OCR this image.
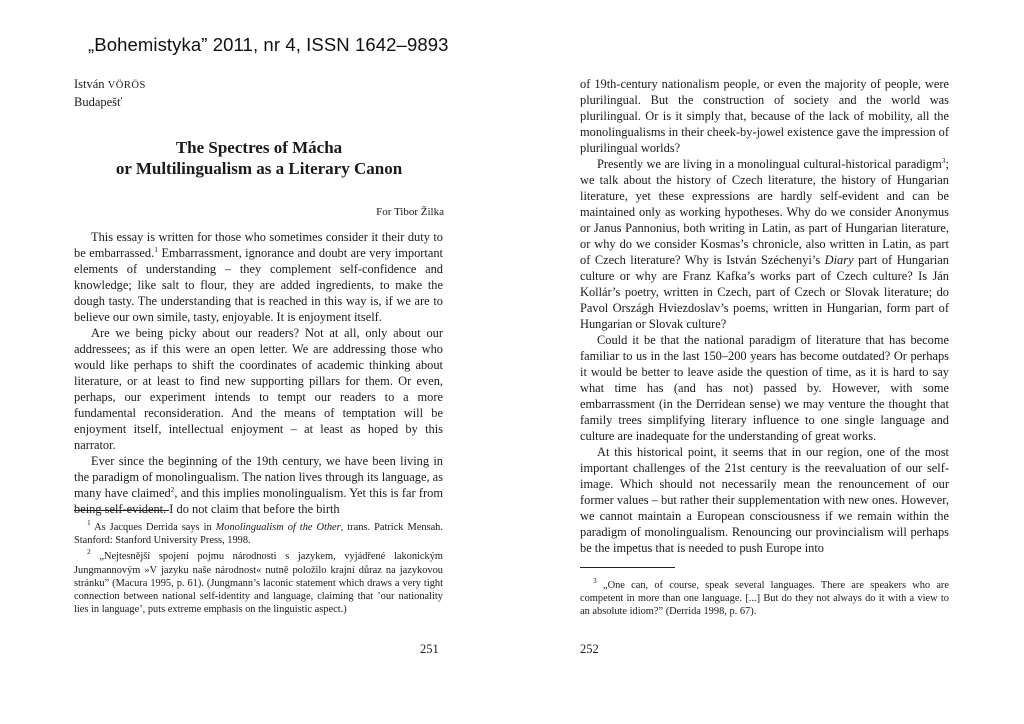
„Bohemistyka” 2011, nr 4, ISSN 1642–9893
István VÖRÖS
Budapešť
The Spectres of Mácha
or Multilingualism as a Literary Canon
For Tibor Žilka

This essay is written for those who sometimes consider it their duty to be embarrassed.$^1$ Embarrassment, ignorance and doubt are very important elements of understanding – they complement self-confidence and knowledge; like salt to flour, they are added ingredients, to make the dough tasty. The understanding that is reached in this way is, if we are to believe our own simile, tasty, enjoyable. It is enjoyment itself.

Are we being picky about our readers? Not at all, only about our addressees; as if this were an open letter. We are addressing those who would like perhaps to shift the coordinates of academic thinking about literature, or at least to find new supporting pillars for them. Or even, perhaps, our experiment intends to tempt our readers to a more fundamental reconsideration. And the means of temptation will be enjoyment itself, intellectual enjoyment – at least as hoped by this narrator.

Ever since the beginning of the 19th century, we have been living in the paradigm of monolingualism. The nation lives through its language, as many have claimed$^2$, and this implies monolingualism. Yet this is far from being self-evident. I do not claim that before the birth

$^1$ As Jacques Derrida says in Monolingualism of the Other, trans. Patrick Mensah. Stanford: Stanford University Press, 1998.

$^2$ „Nejtesnější spojení pojmu národnosti s jazykem, vyjádřené lakonickým Jungmannovým »V jazyku naše národnost« nutně položilo krajní důraz na jazykovou stránku” (Macura 1995, p. 61). (Jungmann’s laconic statement which draws a very tight connection between national self-identity and language, claiming that ’our nationality lies in language’, puts extreme emphasis on the linguistic aspect.)

251

of 19th-century nationalism people, or even the majority of people, were plurilingual. But the construction of society and the world was plurilingual. Or is it simply that, because of the lack of mobility, all the monolingualisms in their cheek-by-jowel existence gave the impression of plurilingual worlds?

Presently we are living in a monolingual cultural-historical paradigm$^3$; we talk about the history of Czech literature, the history of Hungarian literature, yet these expressions are hardly self-evident and can be maintained only as working hypotheses. Why do we consider Anonymus or Janus Pannonius, both writing in Latin, as part of Hungarian literature, or why do we consider Kosmas’s chronicle, also written in Latin, as part of Czech literature? Why is István Széchenyi’s Diary part of Hungarian culture or why are Franz Kafka’s works part of Czech culture? Is Ján Kollár’s poetry, written in Czech, part of Czech or Slovak literature; do Pavol Országh Hviezdoslav’s poems, written in Hungarian, form part of Hungarian or Slovak culture?

Could it be that the national paradigm of literature that has become familiar to us in the last 150–200 years has become outdated? Or perhaps it would be better to leave aside the question of time, as it is hard to say what time has (and has not) passed by. However, with some embarrassment (in the Derridean sense) we may venture the thought that family trees simplifying literary influence to one single language and culture are inadequate for the understanding of great works.

At this historical point, it seems that in our region, one of the most important challenges of the 21st century is the reevaluation of our self-image. Which should not necessarily mean the renouncement of our former values – but rather their supplementation with new ones. However, we cannot maintain a European consciousness if we remain within the paradigm of monolingualism. Renouncing our provincialism will perhaps be the impetus that is needed to push Europe into

$^3$ „One can, of course, speak several languages. There are speakers who are competent in more than one language. [...] But do they not always do it with a view to an absolute idiom?” (Derrida 1998, p. 67).

252
